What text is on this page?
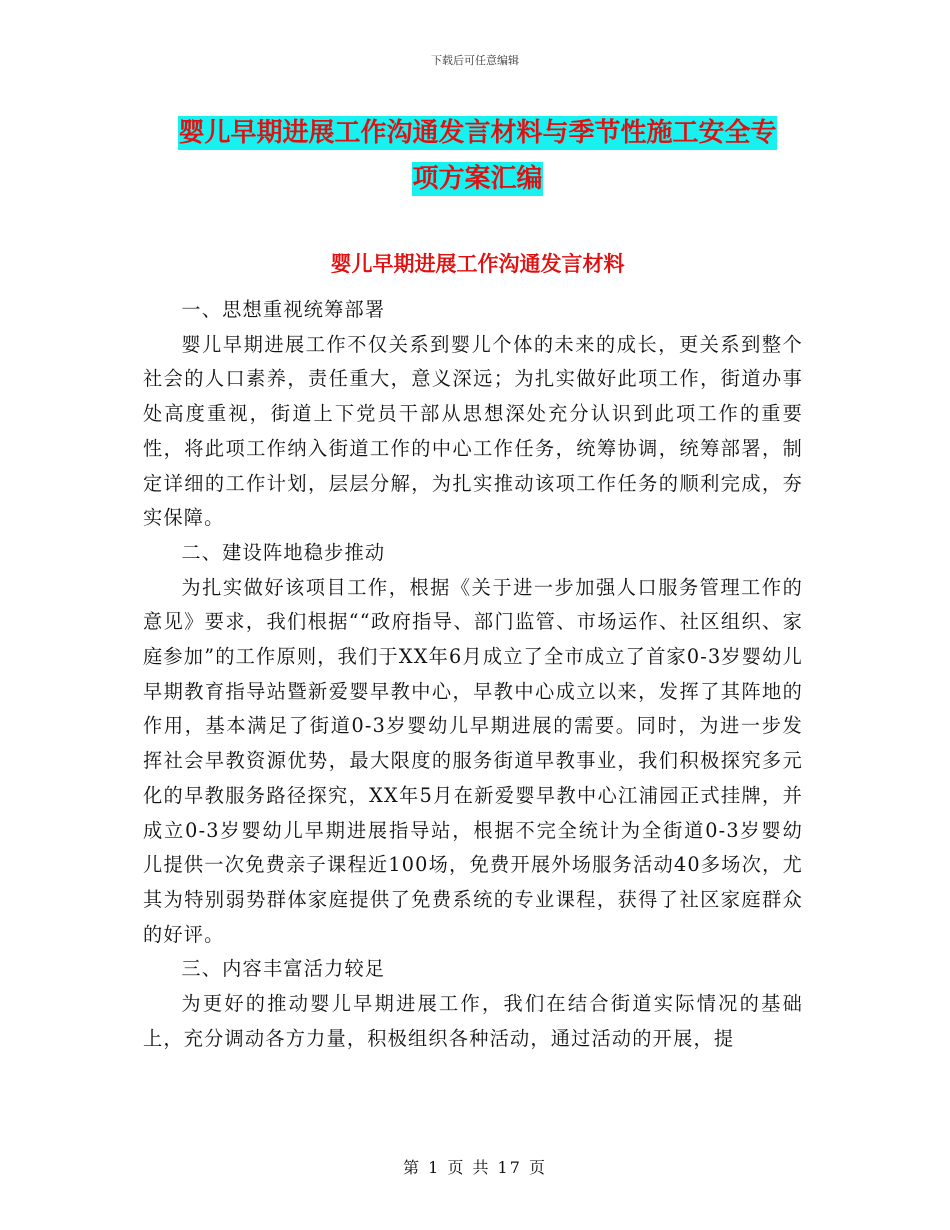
下载后可任意编辑
婴儿早期进展工作沟通发言材料与季节性施工安全专
项方案汇编
婴儿早期进展工作沟通发言材料

一、思想重视统筹部署

婴儿早期进展工作不仅关系到婴儿个体的未来的成长，更关系到整个社会的人口素养，责任重大，意义深远；为扎实做好此项工作，街道办事处高度重视，街道上下党员干部从思想深处充分认识到此项工作的重要性，将此项工作纳入街道工作的中心工作任务，统筹协调，统筹部署，制定详细的工作计划，层层分解，为扎实推动该项工作任务的顺利完成，夯实保障。

二、建设阵地稳步推动

为扎实做好该项目工作，根据《关于进一步加强人口服务管理工作的意见》要求，我们根据““政府指导、部门监管、市场运作、社区组织、家庭参加”的工作原则，我们于XX年6月成立了全市成立了首家0-3岁婴幼儿早期教育指导站暨新爱婴早教中心，早教中心成立以来，发挥了其阵地的作用，基本满足了街道0-3岁婴幼儿早期进展的需要。同时，为进一步发挥社会早教资源优势，最大限度的服务街道早教事业，我们积极探究多元化的早教服务路径探究，XX年5月在新爱婴早教中心江浦园正式挂牌，并成立0-3岁婴幼儿早期进展指导站，根据不完全统计为全街道0-3岁婴幼儿提供一次免费亲子课程近100场，免费开展外场服务活动40多场次，尤其为特别弱势群体家庭提供了免费系统的专业课程，获得了社区家庭群众的好评。

三、内容丰富活力较足

为更好的推动婴儿早期进展工作，我们在结合街道实际情况的基础上，充分调动各方力量，积极组织各种活动，通过活动的开展，提

第 1 页 共 17 页
